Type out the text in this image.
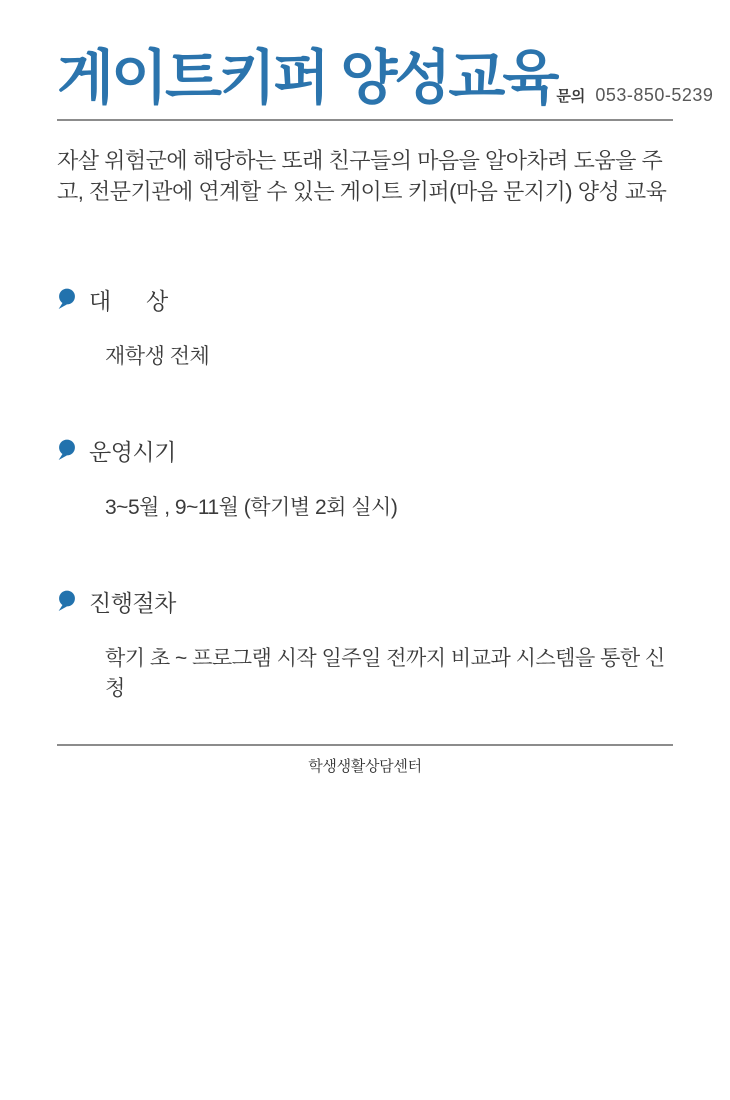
게이트키퍼 양성교육 문의 053-850-5239

자살 위험군에 해당하는 또래 친구들의 마음을 알아차려 도움을 주고, 전문기관에 연계할 수 있는 게이트 키퍼(마음 문지기) 양성 교육

대      상
재학생 전체
운영시기
3~5월 , 9~11월 (학기별 2회 실시)
진행절차
학기 초 ~ 프로그램 시작 일주일 전까지 비교과 시스템을 통한 신청
학생생활상담센터
